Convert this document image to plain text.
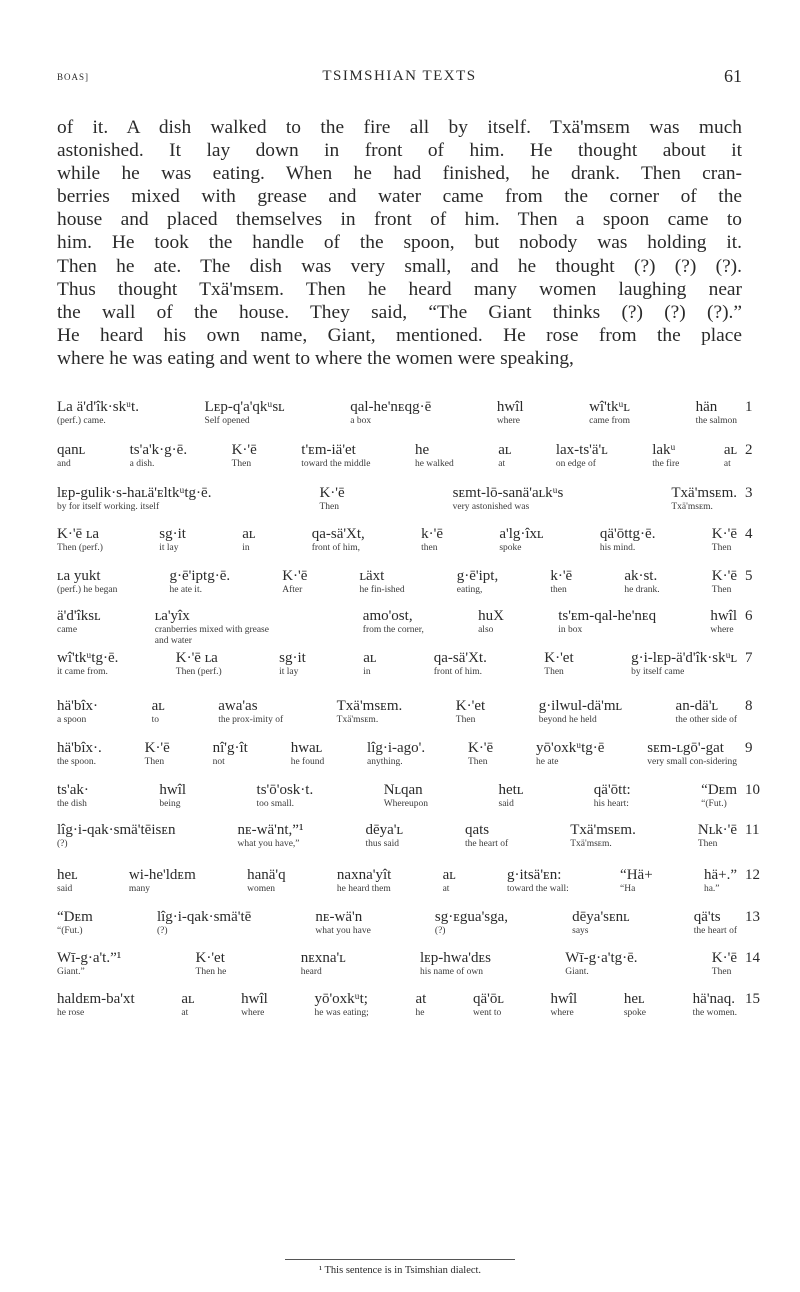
BOAS]	TSIMSHIAN TEXTS	61
of it. A dish walked to the fire all by itself. Txä'msᴇm was much
astonished. It lay down in front of him. He thought about it
while he was eating. When he had finished, he drank. Then cran-
berries mixed with grease and water came from the corner of the
house and placed themselves in front of him. Then a spoon came to
him. He took the handle of the spoon, but nobody was holding it.
Then he ate. The dish was very small, and he thought (?) (?) (?).
Thus thought Txä'msᴇm. Then he heard many women laughing near
the wall of the house. They said, “The Giant thinks (?) (?) (?).”
He heard his own name, Giant, mentioned. He rose from the place
where he was eating and went to where the women were speaking,
Lа ä'd'îk·skᵘt.
(perf.) came.
Lᴇp-q'a'qkᵘsʟ
Self opened
qal-he'nᴇqg·ē
a box
hwîl
where
wî'tkᵘʟ
came from
hän
the salmon
qanʟ
and
ts'a'k·g·ē.
a dish.
K·'ē
Then
t'ᴇm-iä'et
toward the middle
he
he walked
aʟ
at
lax-ts'ä'ʟ
on edge of
lakᵘ
the fire
aʟ
at
lᴇp-gulik·s-haʟä'ᴇltkᵘtg·ē.
by for itself working. itself
K·'ē
Then
sᴇmt-lō-sanä'aʟkᵘs
very astonished was
Txä'msᴇm.
Txä'msᴇm.
K·'ē ʟа
Then (perf.)
sg·it
it lay
aʟ
in
qa-sä'Xt,
front of him,
k·'ē
then
a'lg·îxʟ
spoke
qä'ōttg·ē.
his mind.
K·'ē
Then
ʟа yukt
(perf.) he began
g·ē'iptg·ē.
he ate it.
K·'ē
After
ʟäxt
he fin-ished
g·ē'ipt,
eating,
k·'ē
then
ak·st.
he drank.
K·'ē
Then
ä'd'îksʟ
came
ʟа'yîx
cranberries mixed with grease and water
amo'ost,
from the corner,
huX
also
ts'ᴇm-qal-he'nᴇq
in box
hwîl
where
wî'tkᵘtg·ē.
it came from.
K·'ē ʟа
Then (perf.)
sg·it
it lay
aʟ
in
qa-sä'Xt.
front of him.
K·'et
Then
g·i-lᴇp-ä'd'îk·skᵘʟ
by itself came
hä'bîx·
a spoon
aʟ
to
awa'as
the prox-imity of
Txä'msᴇm.
Txä'msᴇm.
K·'et
Then
g·ilwul-dä'mʟ
beyond he held
an-dä'ʟ
the other side of
hä'bîx·.
the spoon.
K·'ē
Then
nî'g·ît
not
hwaʟ
he found
lîg·i-ago'.
anything.
K·'ē
Then
yō'oxkᵘtg·ē
he ate
sᴇm-ʟgō'-gat
very small con-sidering
ts'ak·
the dish
hwîl
being
ts'ō'osk·t.
too small.
Nʟqan
Whereupon
hetʟ
said
qä'ōtt:
his heart:
“Dᴇm
“(Fut.)
lîg·i-qak·smä'tēisᴇn
(?)
nᴇ-wä'nt,”¹
what you have,”
dēya'ʟ
thus said
qats
the heart of
Txä'msᴇm.
Txä'msᴇm.
Nʟk·'ē
Then
heʟ
said
wi-he'ldᴇm
many
hanä'q
women
naxna'yît
he heard them
aʟ
at
g·itsä'ᴇn:
toward the wall:
“Hä+
“Ha
hä+.”
ha.”
“Dᴇm
“(Fut.)
lîg·i-qak·smä'tē
(?)
nᴇ-wä'n
what you have
sg·ᴇgua'sga,
(?)
dēya'sᴇnʟ
says
qä'ts
the heart of
Wī-g·a't.”¹
Giant.”
K·'et
Then he
nᴇxna'ʟ
heard
lᴇp-hwa'dᴇs
his name of own
Wī-g·a'tg·ē.
Giant.
K·'ē
Then
haldᴇm-ba'xt
he rose
aʟ
at
hwîl
where
yō'oxkᵘt;
he was eating;
at
he
qä'ōʟ
went to
hwîl
where
heʟ
spoke
hä'naq.
the women.
¹ This sentence is in Tsimshian dialect.
1
2
3
4
5
6
7
8
9
10
11
12
13
14
15
